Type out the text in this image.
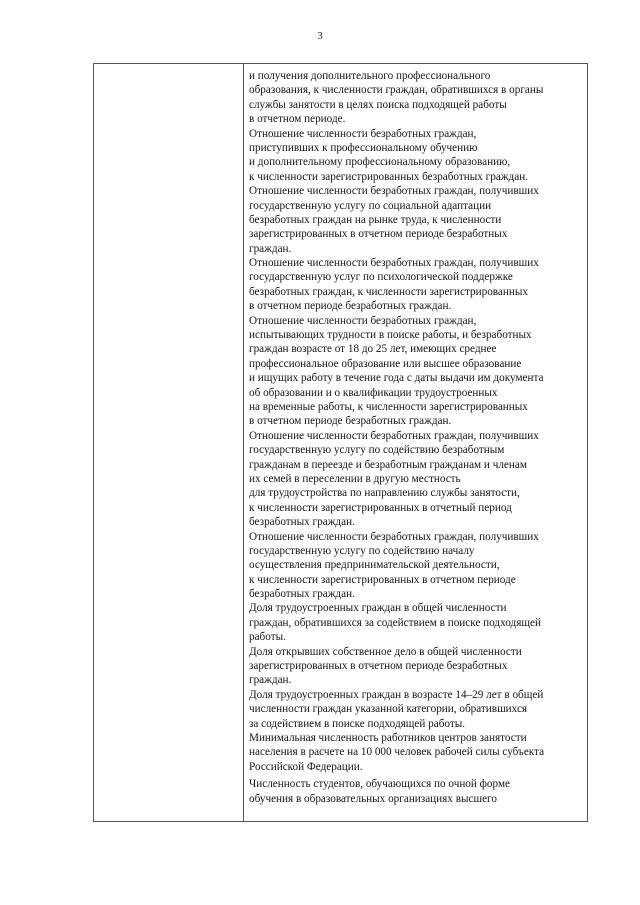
3
и получения дополнительного профессионального
образования, к численности граждан, обратившихся в органы
службы занятости в целях поиска подходящей работы
в отчетном периоде.
Отношение численности безработных граждан,
приступивших к профессиональному обучению
и дополнительному профессиональному образованию,
к численности зарегистрированных безработных граждан.
Отношение численности безработных граждан, получивших
государственную услугу по социальной адаптации
безработных граждан на рынке труда, к численности
зарегистрированных в отчетном периоде безработных
граждан.
Отношение численности безработных граждан, получивших
государственную услуг по психологической поддержке
безработных граждан, к численности зарегистрированных
в отчетном периоде безработных граждан.
Отношение численности безработных граждан,
испытывающих трудности в поиске работы, и безработных
граждан возрасте от 18 до 25 лет, имеющих среднее
профессиональное образование или высшее образование
и ищущих работу в течение года с даты выдачи им документа
об образовании и о квалификации трудоустроенных
на временные работы, к численности зарегистрированных
в отчетном периоде безработных граждан.
Отношение численности безработных граждан, получивших
государственную услугу по содействию безработным
гражданам в переезде и безработным гражданам и членам
их семей в переселении в другую местность
для трудоустройства по направлению службы занятости,
к численности зарегистрированных в отчетный период
безработных граждан.
Отношение численности безработных граждан, получивших
государственную услугу по содействию началу
осуществления предпринимательской деятельности,
к численности зарегистрированных в отчетном периоде
безработных граждан.
Доля трудоустроенных граждан в общей численности
граждан, обратившихся за содействием в поиске подходящей
работы.
Доля открывших собственное дело в общей численности
зарегистрированных в отчетном периоде безработных
граждан.
Доля трудоустроенных граждан в возрасте 14–29 лет в общей
численности граждан указанной категории, обратившихся
за содействием в поиске подходящей работы.
Минимальная численность работников центров занятости
населения в расчете на 10 000 человек рабочей силы субъекта
Российской Федерации.
Численность студентов, обучающихся по очной форме
обучения в образовательных организациях высшего
